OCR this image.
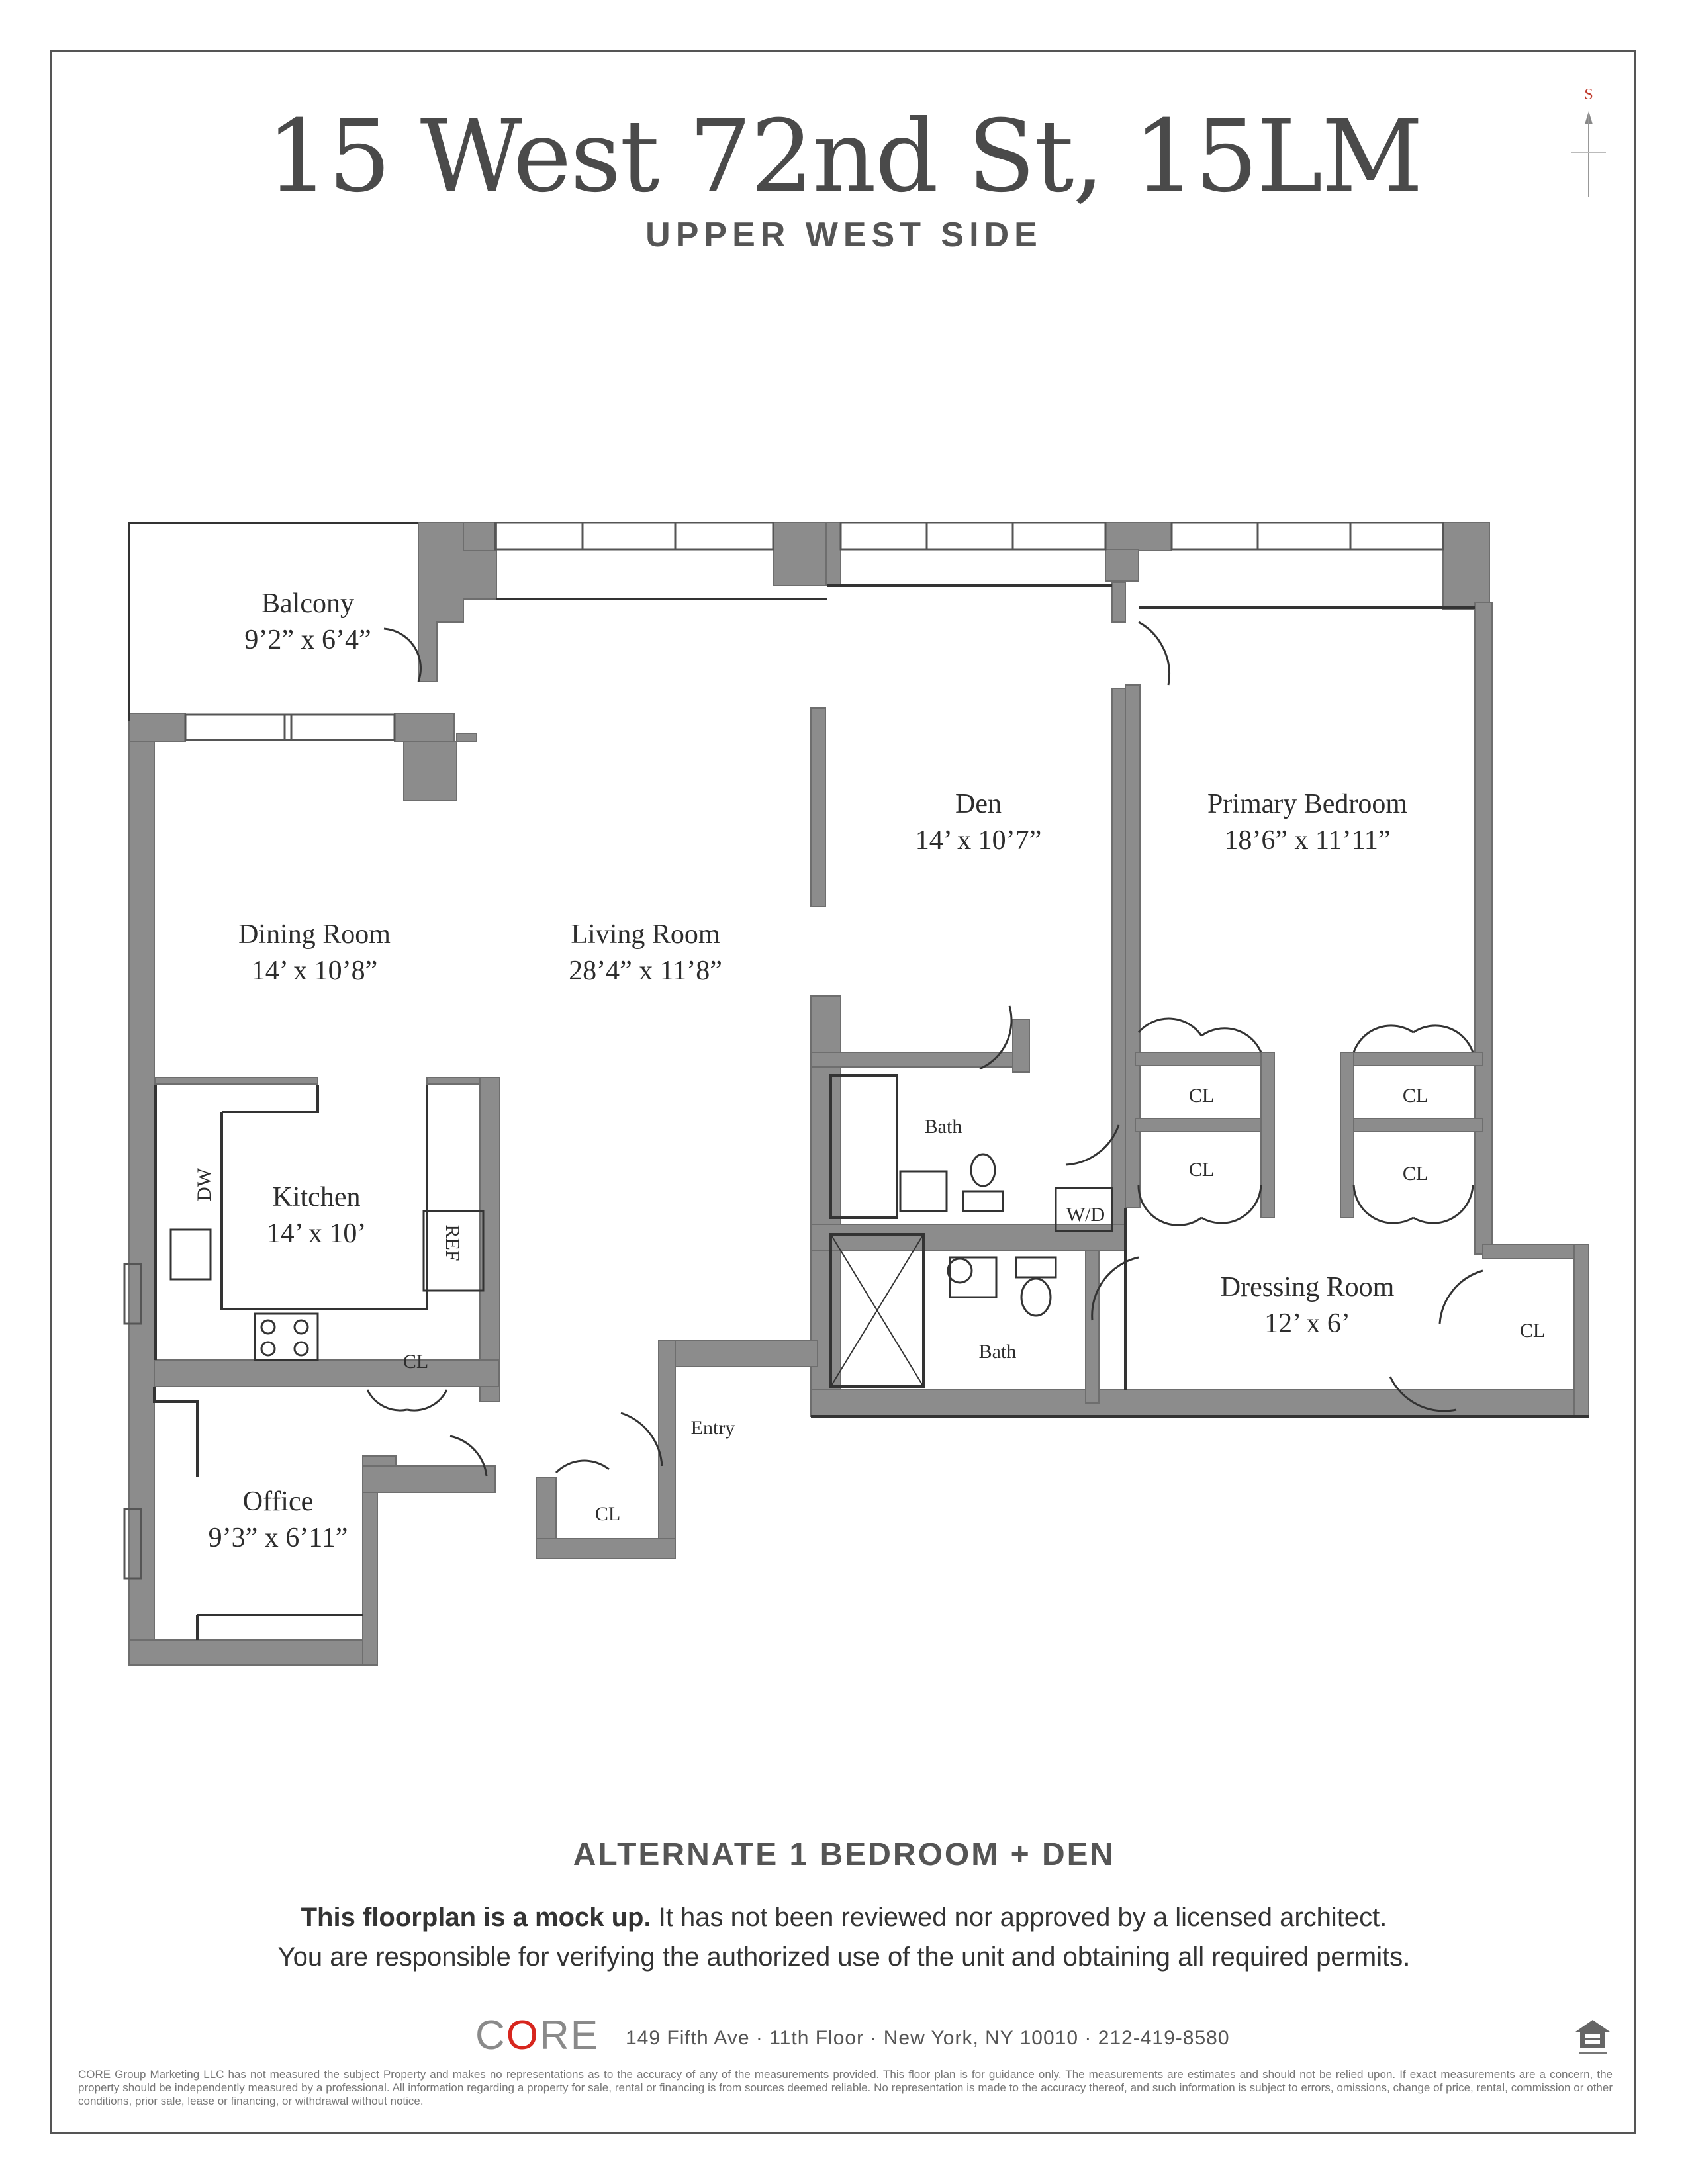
15 West 72nd St, 15LM
UPPER WEST SIDE
S
Balcony
9’2” x 6’4”
Den
14’ x 10’7”
Primary Bedroom
18’6” x 11’11”
Dining Room
14’ x 10’8”
Living Room
28’4” x 11’8”
Kitchen
14’ x 10’
Dressing Room
12’ x 6’
Office
9’3” x 6’11”
Bath
Bath
W/D
CL	CL
CL	CL
CL
CL
CL
Entry
DW
REF
ALTERNATE 1 BEDROOM + DEN
This floorplan is a mock up. It has not been reviewed nor approved by a licensed architect.
You are responsible for verifying the authorized use of the unit and obtaining all required permits.
CORE 149 Fifth Ave · 11th Floor · New York, NY 10010 · 212-419-8580
CORE Group Marketing LLC has not measured the subject Property and makes no representations as to the accuracy of any of the measurements provided. This floor plan is for guidance only. The measurements are estimates and should not be relied upon. If exact measurements are a concern, the property should be independently measured by a professional. All information regarding a property for sale, rental or financing is from sources deemed reliable. No representation is made to the accuracy thereof, and such information is subject to errors, omissions, change of price, rental, commission or other conditions, prior sale, lease or financing, or withdrawal without notice.
